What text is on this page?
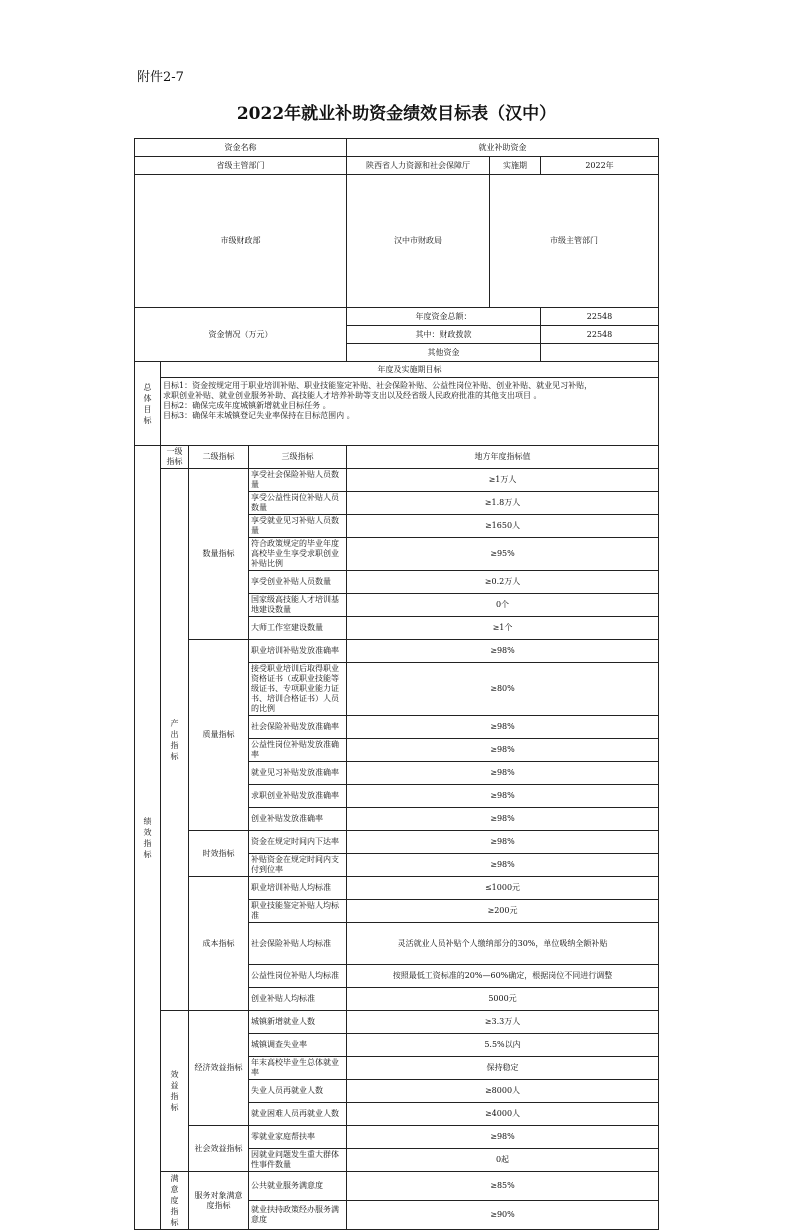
附件2-7
2022年就业补助资金绩效目标表（汉中）
资金名称				就业补助资金			
省级主管部门				陕西省人力资源和社会保障厅	实施期	2022年	
市级财政部				汉中市财政局	市级主管部门	
资金情况（万元）				年度资金总额：		22548	
				其中：财政拨款		22548	
				其他资金			

总体目标	年度及实施期目标						

	目标1：资金按规定用于职业培训补贴、职业技能鉴定补贴、社会保险补贴、公益性岗位补贴、创业补贴、就业见习补贴，
求职创业补贴、就业创业服务补助、高技能人才培养补助等支出以及经省级人民政府批准的其他支出项目 。
目标2：确保完成年度城镇新增就业目标任务 。
目标3：确保年末城镇登记失业率保持在目标范围内 。						

绩效指标	一级指标	二级指标	三级指标	地方年度指标值			

	产出指标	数量指标	享受社会保险补贴人员数量	≥1万人			
			享受公益性岗位补贴人员数量	≥1.8万人			
			享受就业见习补贴人员数量	≥1650人			
			符合政策规定的毕业年度高校毕业生享受求职创业补贴比例	≥95%			
			享受创业补贴人员数量	≥0.2万人			
			国家级高技能人才培训基地建设数量	0个			
			大师工作室建设数量	≥1个			
		质量指标	职业培训补贴发放准确率	≥98%			
			接受职业培训后取得职业资格证书（或职业技能等级证书、专项职业能力证书、培训合格证书）人员的比例	≥80%			
			社会保险补贴发放准确率	≥98%			
			公益性岗位补贴发放准确率	≥98%			
			就业见习补贴发放准确率	≥98%			
			求职创业补贴发放准确率	≥98%			
			创业补贴发放准确率	≥98%			
		时效指标	资金在规定时间内下达率	≥98%			
			补贴资金在规定时间内支付到位率	≥98%			
		成本指标	职业培训补贴人均标准	≤1000元			
			职业技能鉴定补贴人均标准	≥200元			
			社会保险补贴人均标准	灵活就业人员补贴个人缴纳部分的30%，单位吸纳全额补贴			
			公益性岗位补贴人均标准	按照最低工资标准的20%—60%确定，根据岗位不同进行调整			
			创业补贴人均标准	5000元			

	效益指标	经济效益指标	城镇新增就业人数	≥3.3万人			
			城镇调查失业率	5.5%以内			
			年末高校毕业生总体就业率	保持稳定			
			失业人员再就业人数	≥8000人			
			就业困难人员再就业人数	≥4000人			
		社会效益指标	零就业家庭帮扶率	≥98%			
			因就业问题发生重大群体性事件数量	0起			

	满意度指标	服务对象满意度指标	公共就业服务满意度	≥85%			
			就业扶持政策经办服务满意度	≥90%			
